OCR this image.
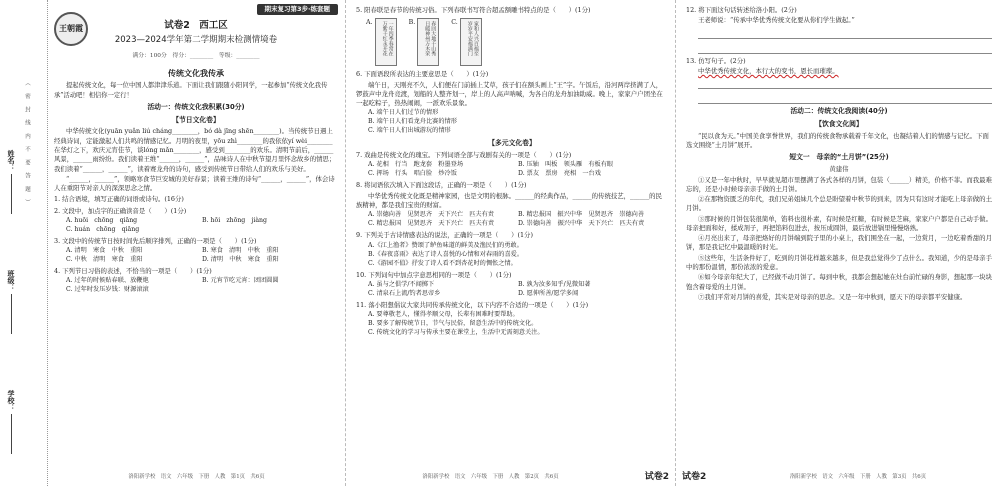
姓名：
班级：
学校：
（ 密 封 线 内 不 要 答 题 ）
期末复习第3步·练套题
王朝霞	试卷2　西工区
2023—2024学年第二学期期末检测情境卷
满分：100分　得分：________　等级：________
传统文化我传承
提起传统文化，每一位中国人都津津乐道。下面让我们跟随小阳同学，一起参加“传统文化我传承”活动吧！相信你一定行！
活动一：传统文化我积累(30分)
【节日文化卷】
中华传统文化(yuān yuǎn liú cháng________，bó dà jīng shēn________)。当传统节日遇上经典诗词，定能激起人们共鸣的情感记忆。月明的夜里，yōu zhì________的我依依yí wèi________在华灯之下，欢庆元宵佳节，谈lóng mǎn________，感受到________的欢乐。清明节前后，______风景，______雨纷纷。我们读着王维“______，______”，品味诗人在中秋节望月里怀念故乡的情思；我们读着“______，______”，读着赛龙舟的诗句，感受到传统节日带给人们的欢乐与美好。
“______，______”，领略寒食节巨安城的美好春景；读着王维的诗句“______，______”，体会诗人在重阳节对亲人的深深思念之情。
1. 结合语境，填写正确的词语或诗句。(16分)
2. 文段中，加点字的正确读音是（　　）(1分)
A. huōi　chōng　qiāng	B. hōi　zhōng　jiàng
C. huán　chōng　qiāng
3. 文段中的传统节日按时间先后顺序排列，正确的一项是（　　）(1分)
A. 清明　寒食　中秋　重阳	B. 寒食　清明　中秋　重阳
C. 中秋　清明　寒食　重阳	D. 清明　中秋　寒食　重阳
4. 下列节日习俗的表述，不恰当的一项是（　　）(1分)
A. 过年的时候贴春联、放鞭炮	B. 元宵节吃元宵：团团圆圆
C. 过年时发压岁钱：财源滚滚
洛阳新学校　语文　六年级　下册　人教　第1页　共6页
5. 阳春联是春节的传统习俗。下列春联书写符合超孟额雕书特点的是（　　）(1分)
A.	一年四季春常在　万紫千红永开花	B.	春回大地千山秀　日暖神州万木荣	C.	家和人兴百福至　岁岁平安福满门
6. 下面语段所表达的主要意思是（　　）(1分)
端午日，天刚亮不久，人们便在门前插上艾草，孩子们在额头画上“王”字。午饭后，沿河两岸挤满了人，锣鼓声中龙舟竞渡，划船的人整齐划一，岸上的人高声呐喊，为各自的龙舟加油助威。晚上，家家户户团坐在一起吃粽子，热热闹闹，一派欢乐景象。
A. 端午日人们过节的情形
B. 端午日人们看龙舟比赛的情形
C. 端午日人们出城游玩的情形
【多元文化卷】
7. 戏曲是传统文化的瑰宝。下列词语全部与戏剧有关的一项是（　　）(1分)
A. 花相　行当　跑龙套　粉墨登场	B. 压轴　叫板　领头雁　有板有眼
C. 挥场　行头　唱白脸　炒冷饭	D. 票友　票房　亮相　一台戏
8. 将词语依次填入下面这段话，正确的一项是（　　）(1分)
中华优秀传统文化既是精神家园，也是文明的根脉。______的经典作品，______的传统技艺，______的民族精神，都是我们宝贵的财富。
A. 崇德向善　见贤思齐　天下兴亡　匹夫有责	B. 精忠报国　振兴中华　见贤思齐　崇德向善
C. 精忠报国　见贤思齐　天下兴亡　匹夫有责	D. 崇德向善　振兴中华　天下兴亡　匹夫有责
9. 下列关于古诗情感表达的说法，正确的一项是（　　）(1分)
A.《江上渔者》赞颂了鲈鱼味道的鲜美及渔民们的勇敢。
B.《春夜喜雨》表达了诗人喜悦的心情和对春雨的喜爱。
C.《游园不值》抒发了诗人看不到杏花时的惆怅之情。
10. 下列词句中加点字意思相同的一项是（　　）(1分)
A. 虽与之俱学/不闻掷下	B. 孰为汝多知乎/见微知著
C. 清泉石上流/钓者思帝乡	D. 愿伸所善/愿学多闻
11. 落小阳想倡议大家共同传承传统文化，以下内容不合适的一项是（　　）(1分)
A. 要尊敬老人，懂得孝顺父母，长辈有困难时要帮助。
B. 要多了解传统节日，节气与民俗，留意生活中的传统文化。
C. 传统文化的学习与传承主要在课堂上，生活中无需刻意关注。
洛阳新学校　语文　六年级　下册　人教　第2页　共6页	试卷2
12. 将下面这句话转述给洛小阳。(2分)
王老师说：“传承中华优秀传统文化要从你们学生做起。”
13. 仿写句子。(2分)
中华优秀传统文化，本行大的变书，恩长而璀璨。
活动二：传统文化我阅读(40分)
【饮食文化阅】
“民以食为天。”中国美食享誉世界，我们的传统食物承载着千年文化，也凝结着人们的情感与记忆。下面选文围绕“土月饼”展开。
短文一　母亲的“土月饼”(25分)
黄建伟
①又是一年中秋时，早早就见超市里摆满了各式各样的月饼，包装（______）精美，价格不菲。而我最难忘的，还是小时候母亲亲手做的土月饼。
②在那物资匮乏的年代，我们兄弟姐妹几个总是盼望着中秋节的到来，因为只有这时才能吃上母亲做的土月饼。
③那时候的月饼包装很简单，馅料也很朴素，有时候是红糖，有时候是芝麻，家家户户都是自己动手做。母亲把面和好，揉成剂子，再把馅料包进去，按压成圆饼，最后放进锅里慢慢烙熟。
④月亮出来了，母亲把烙好的月饼端到院子里的小桌上，我们围坐在一起，一边赏月，一边吃着香甜的月饼，那是我记忆中最温暖的时光。
⑤这些年，生活条件好了，吃到的月饼花样越来越多，但是我总觉得少了点什么。我知道，少的是母亲手中的那份温情，那份浓浓的爱意。
⑥如今母亲年纪大了，已经做不动月饼了。每到中秋，我都会想起她在灶台前忙碌的身影，想起那一块块饱含着母爱的土月饼。
⑦我们平常对月饼的喜爱，其实是对母亲的思念。又是一年中秋到，愿天下的母亲都平安健康。
试卷2	洛阳新学校　语文　六年级　下册　人教　第3页　共6页
